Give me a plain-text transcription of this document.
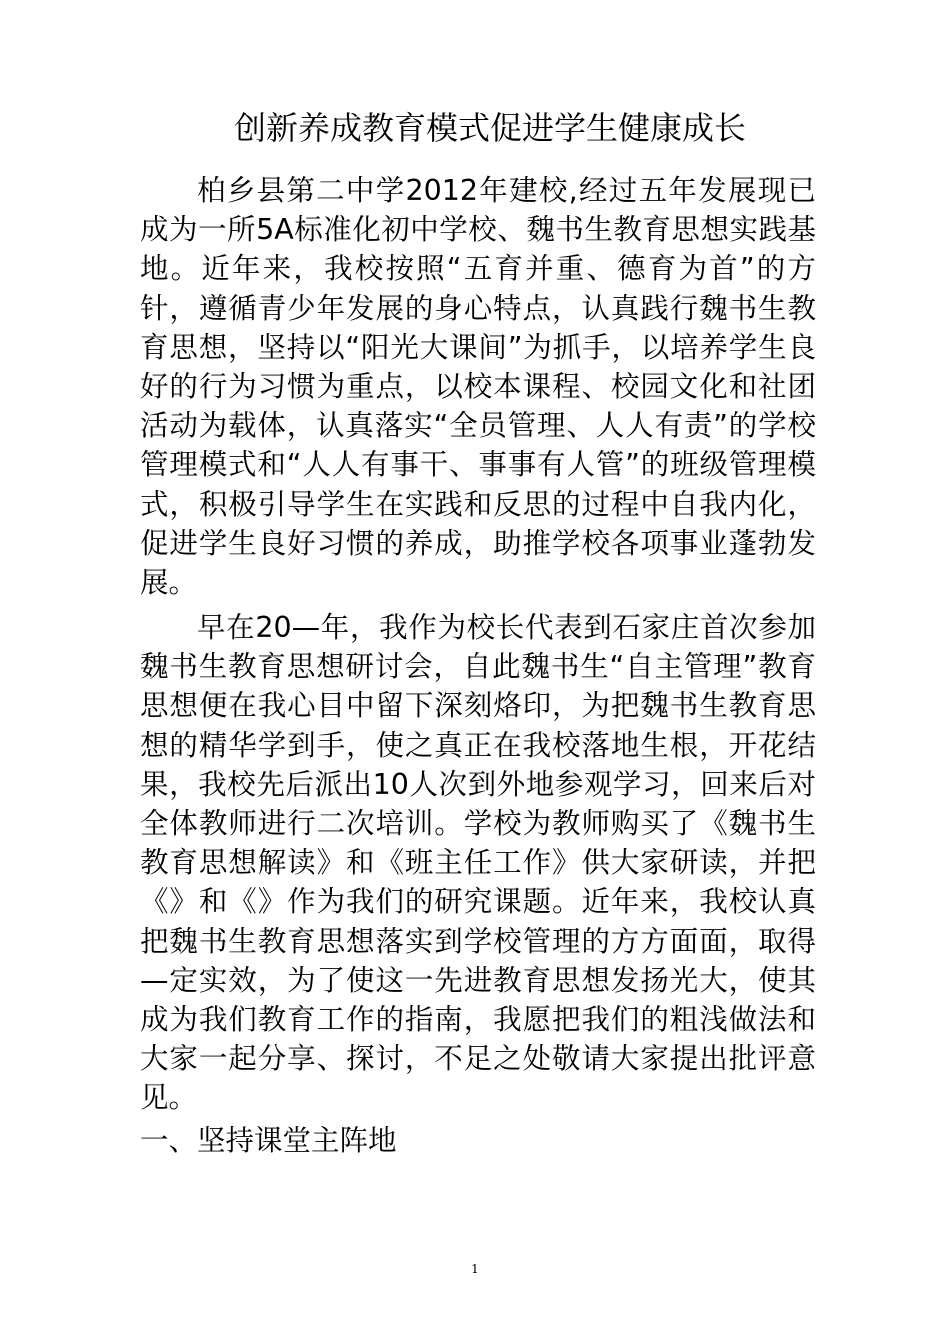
创新养成教育模式促进学生健康成长

柏乡县第二中学2012年建校,经过五年发展现已成为一所5A标准化初中学校、魏书生教育思想实践基地。近年来，我校按照“五育并重、德育为首”的方针，遵循青少年发展的身心特点，认真践行魏书生教育思想，坚持以“阳光大课间”为抓手，以培养学生良好的行为习惯为重点，以校本课程、校园文化和社团活动为载体，认真落实“全员管理、人人有责”的学校管理模式和“人人有事干、事事有人管”的班级管理模式，积极引导学生在实践和反思的过程中自我内化，促进学生良好习惯的养成，助推学校各项事业蓬勃发展。

早在20—年，我作为校长代表到石家庄首次参加魏书生教育思想研讨会，自此魏书生“自主管理”教育思想便在我心目中留下深刻烙印，为把魏书生教育思想的精华学到手，使之真正在我校落地生根，开花结果，我校先后派出10人次到外地参观学习，回来后对全体教师进行二次培训。学校为教师购买了《魏书生教育思想解读》和《班主任工作》供大家研读，并把《》和《》作为我们的研究课题。近年来，我校认真把魏书生教育思想落实到学校管理的方方面面，取得—定实效，为了使这一先进教育思想发扬光大，使其成为我们教育工作的指南，我愿把我们的粗浅做法和大家一起分享、探讨，不足之处敬请大家提出批评意见。

一、坚持课堂主阵地

1
